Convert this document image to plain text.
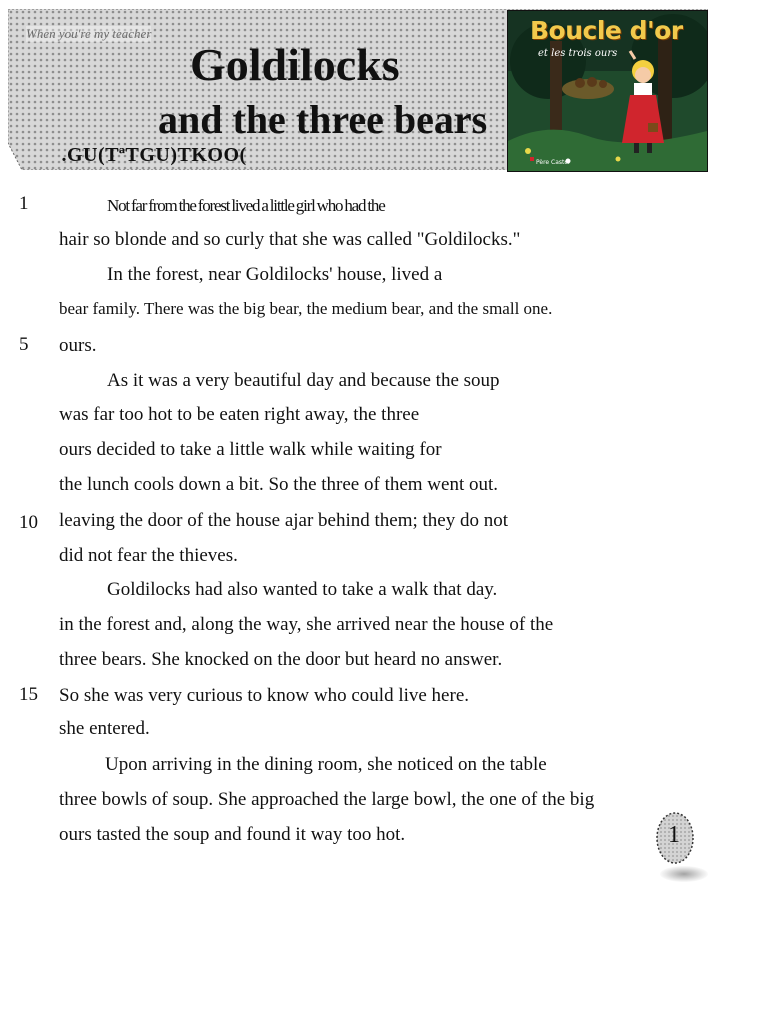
When you're my teacher
Goldilocks
and the three bears
.GU(TªTGU)TKOO(
Boucle d'or
et les trois ours
Père Castor
Not far from the forest lived a little girl who had the
hair so blonde and so curly that she was called "Goldilocks."
In the forest, near Goldilocks' house, lived a
bear family. There was the big bear, the medium bear, and the small one.
ours.
As it was a very beautiful day and because the soup
was far too hot to be eaten right away, the three
ours decided to take a little walk while waiting for
the lunch cools down a bit. So the three of them went out.
leaving the door of the house ajar behind them; they do not
did not fear the thieves.
Goldilocks had also wanted to take a walk that day.
in the forest and, along the way, she arrived near the house of the
three bears. She knocked on the door but heard no answer.
So she was very curious to know who could live here.
she entered.
Upon arriving in the dining room, she noticed on the table
three bowls of soup. She approached the large bowl, the one of the big
ours tasted the soup and found it way too hot.
1
5
10
15
1
